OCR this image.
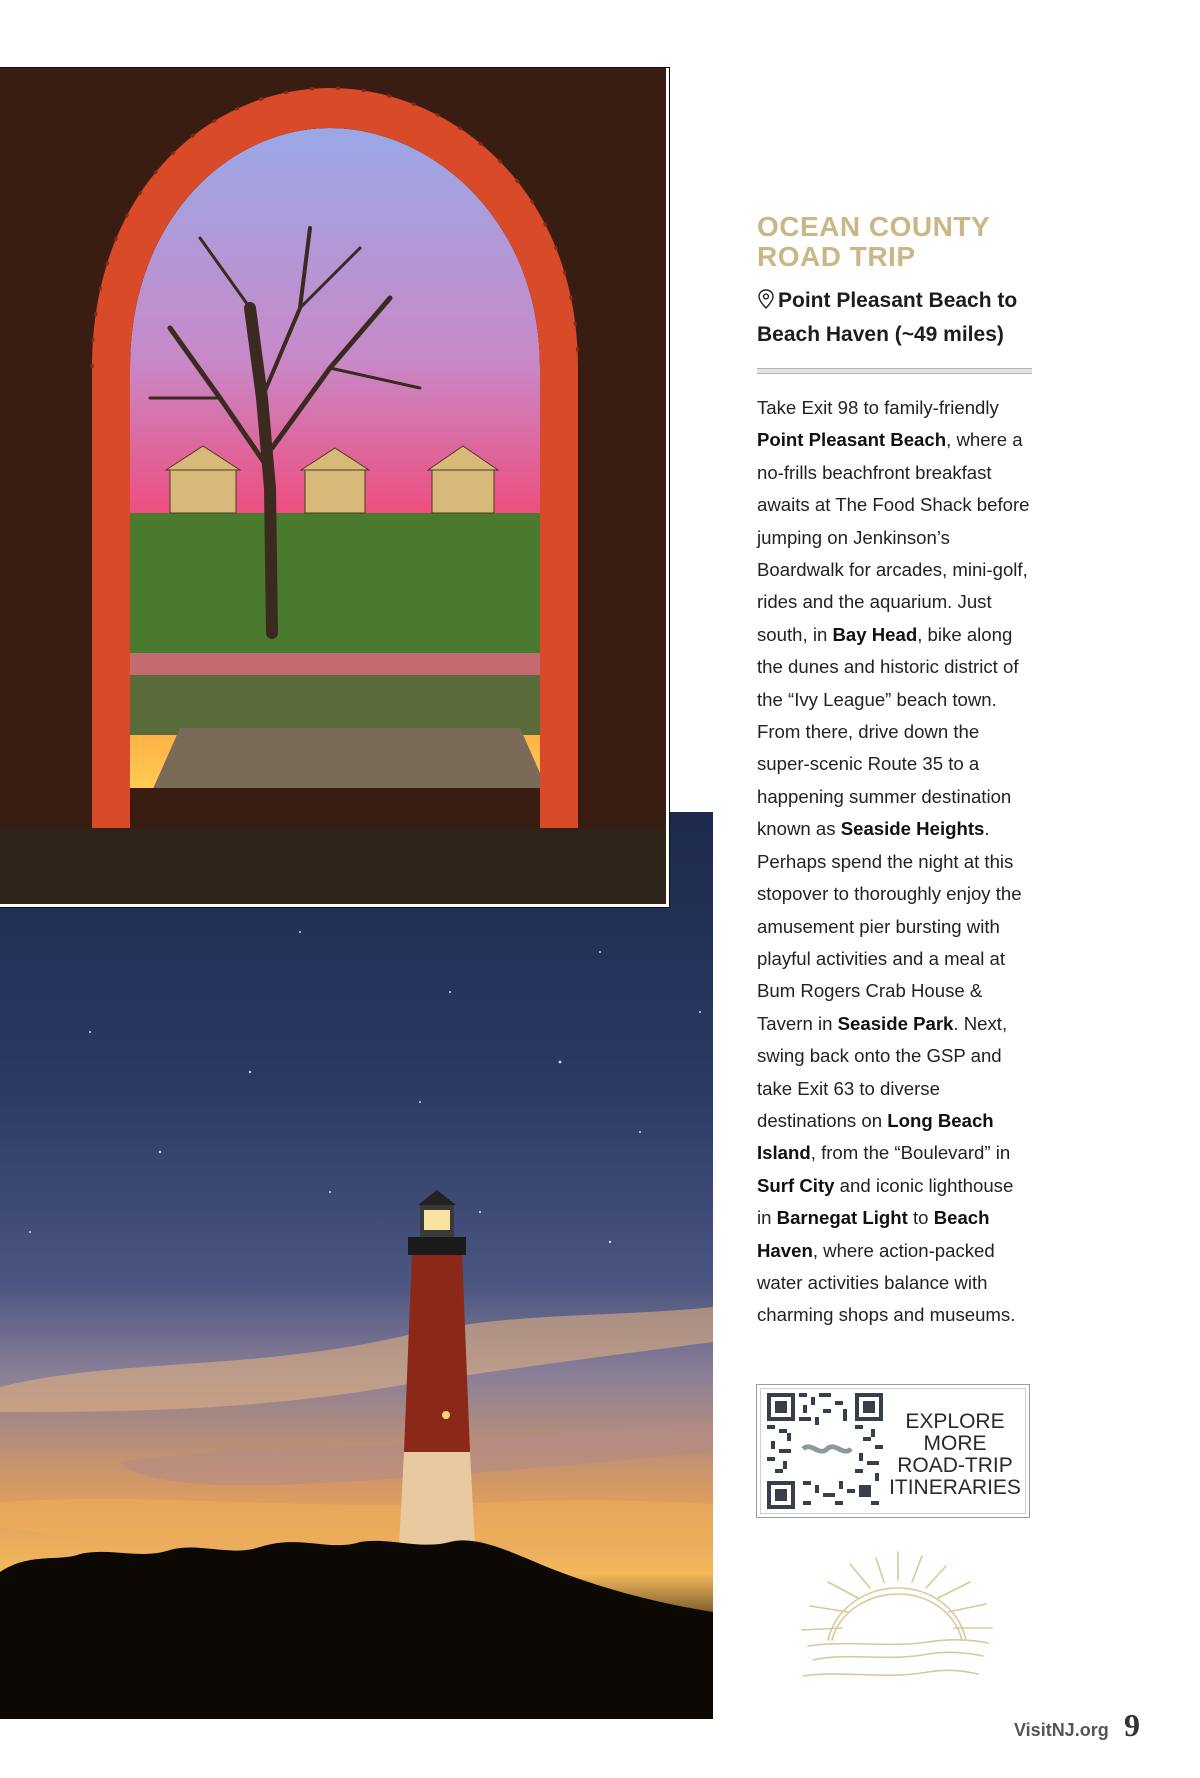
OCEAN COUNTY
ROAD TRIP
Point Pleasant Beach to Beach Haven (~49 miles)
Take Exit 98 to family-friendly Point Pleasant Beach, where a no-frills beachfront breakfast awaits at The Food Shack before jumping on Jenkinson’s Boardwalk for arcades, mini-golf, rides and the aquarium. Just south, in Bay Head, bike along the dunes and historic district of the “Ivy League” beach town. From there, drive down the super-scenic Route 35 to a happening summer destination known as Seaside Heights. Perhaps spend the night at this stopover to thoroughly enjoy the amusement pier bursting with playful activities and a meal at Bum Rogers Crab House & Tavern in Seaside Park. Next, swing back onto the GSP and take Exit 63 to diverse destinations on Long Beach Island, from the “Boulevard” in Surf City and iconic lighthouse in Barnegat Light to Beach Haven, where action-packed water activities balance with charming shops and museums.
EXPLORE
MORE
ROAD-TRIP
ITINERARIES
VisitNJ.org 9
